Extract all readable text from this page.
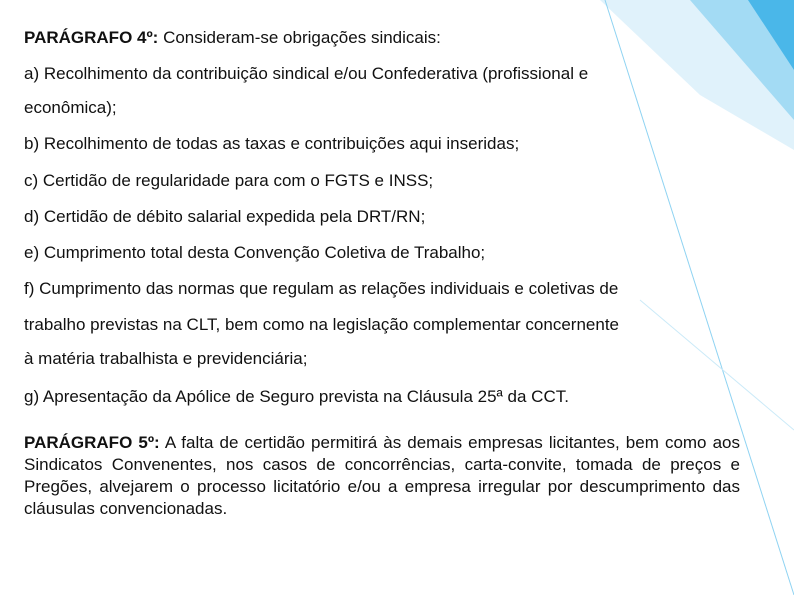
PARÁGRAFO 4º: Consideram-se obrigações sindicais:

a) Recolhimento da contribuição sindical e/ou Confederativa (profissional e

econômica);

b) Recolhimento de todas as taxas e contribuições aqui inseridas;

c) Certidão de regularidade para com o FGTS e INSS;

d) Certidão de débito salarial expedida pela DRT/RN;

e) Cumprimento total desta Convenção Coletiva de Trabalho;

f) Cumprimento das normas que regulam as relações individuais e coletivas de

trabalho previstas na CLT, bem como na legislação complementar concernente

à matéria trabalhista e previdenciária;

g) Apresentação da Apólice de Seguro prevista na Cláusula 25ª da CCT.

PARÁGRAFO 5º: A falta de certidão permitirá às demais empresas licitantes, bem como aos Sindicatos Convenentes, nos casos de concorrências, carta-convite, tomada de preços e Pregões, alvejarem o processo licitatório e/ou a empresa irregular por descumprimento das cláusulas convencionadas.
